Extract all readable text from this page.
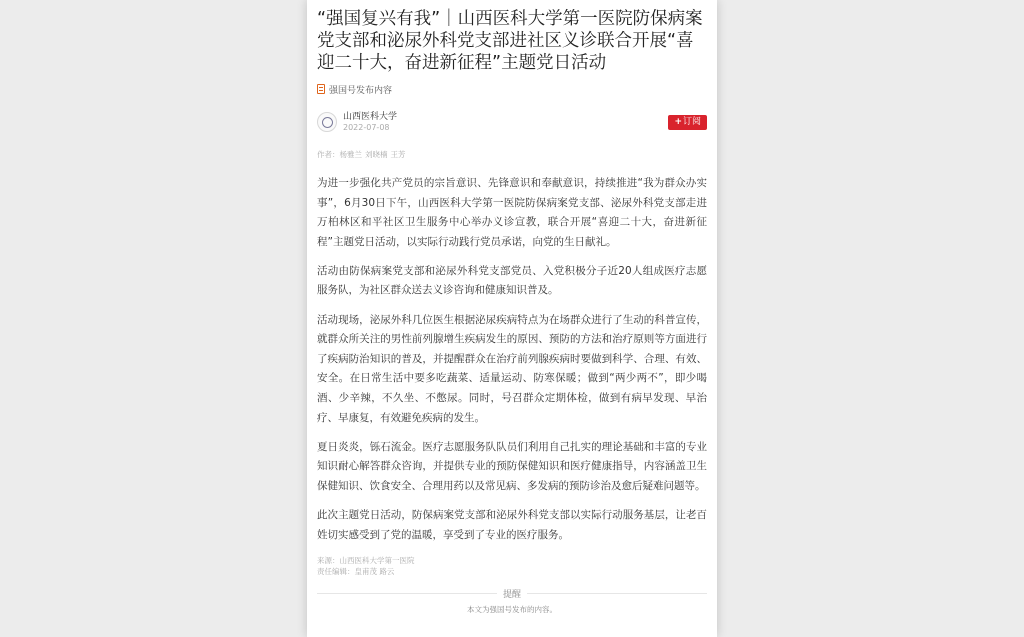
“强国复兴有我”｜山西医科大学第一医院防保病案党支部和泌尿外科党支部进社区义诊联合开展“喜迎二十大，奋进新征程”主题党日活动
强国号发布内容
山西医科大学
2022-07-08
+订阅
作者：杨雅兰 刘晓楠 王芳

为进一步强化共产党员的宗旨意识、先锋意识和奉献意识，持续推进“我为群众办实事”，6月30日下午，山西医科大学第一医院防保病案党支部、泌尿外科党支部走进万柏林区和平社区卫生服务中心举办义诊宣教，联合开展“喜迎二十大，奋进新征程”主题党日活动，以实际行动践行党员承诺，向党的生日献礼。

活动由防保病案党支部和泌尿外科党支部党员、入党积极分子近20人组成医疗志愿服务队，为社区群众送去义诊咨询和健康知识普及。

活动现场，泌尿外科几位医生根据泌尿疾病特点为在场群众进行了生动的科普宣传，就群众所关注的男性前列腺增生疾病发生的原因、预防的方法和治疗原则等方面进行了疾病防治知识的普及，并提醒群众在治疗前列腺疾病时要做到科学、合理、有效、安全。在日常生活中要多吃蔬菜、适量运动、防寒保暖；做到“两少两不”，即少喝酒、少辛辣，不久坐、不憋尿。同时，号召群众定期体检，做到有病早发现、早治疗、早康复，有效避免疾病的发生。

夏日炎炎，铄石流金。医疗志愿服务队队员们利用自己扎实的理论基础和丰富的专业知识耐心解答群众咨询，并提供专业的预防保健知识和医疗健康指导，内容涵盖卫生保健知识、饮食安全、合理用药以及常见病、多发病的预防诊治及愈后疑难问题等。

此次主题党日活动，防保病案党支部和泌尿外科党支部以实际行动服务基层，让老百姓切实感受到了党的温暖，享受到了专业的医疗服务。

来源：山西医科大学第一医院
责任编辑：皇甫茂 路云
提醒
本文为强国号发布的内容。
